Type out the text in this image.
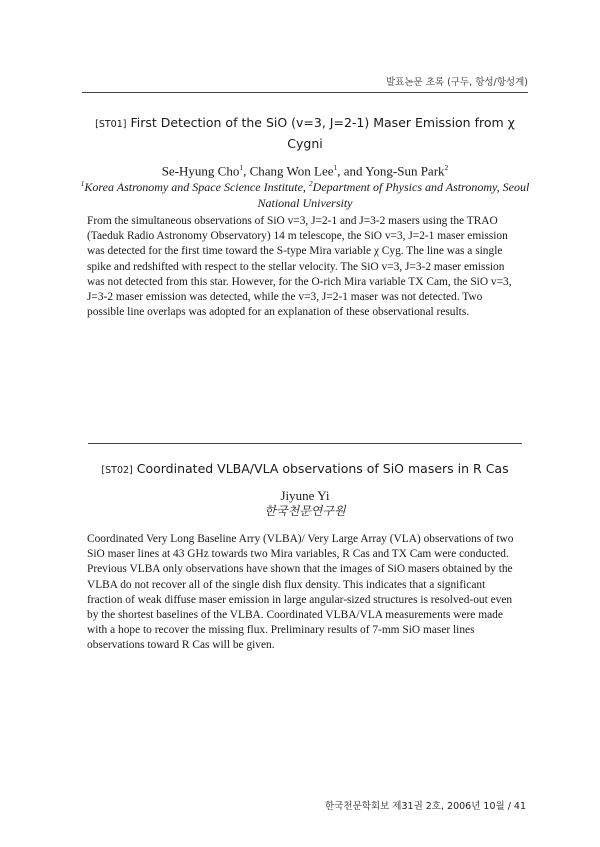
발표논문 초록 (구두, 항성/항성계)
[ST01] First Detection of the SiO (v=3, J=2-1) Maser Emission from χ Cygni
Se-Hyung Cho$^1$, Chang Won Lee$^1$, and Yong-Sun Park$^2$
$^1$Korea Astronomy and Space Science Institute, $^2$Department of Physics and Astronomy, Seoul National University
From the simultaneous observations of SiO v=3, J=2-1 and J=3-2 masers using the TRAO (Taeduk Radio Astronomy Observatory) 14 m telescope, the SiO v=3, J=2-1 maser emission was detected for the first time toward the S-type Mira variable χ Cyg. The line was a single spike and redshifted with respect to the stellar velocity. The SiO v=3, J=3-2 maser emission was not detected from this star. However, for the O-rich Mira variable TX Cam, the SiO v=3, J=3-2 maser emission was detected, while the v=3, J=2-1 maser was not detected. Two possible line overlaps was adopted for an explanation of these observational results.
[ST02] Coordinated VLBA/VLA observations of SiO masers in R Cas
Jiyune Yi
한국천문연구원
Coordinated Very Long Baseline Arry (VLBA)/ Very Large Array (VLA) observations of two SiO maser lines at 43 GHz towards two Mira variables, R Cas and TX Cam were conducted. Previous VLBA only observations have shown that the images of SiO masers obtained by the VLBA do not recover all of the single dish flux density. This indicates that a significant fraction of weak diffuse maser emission in large angular-sized structures is resolved-out even by the shortest baselines of the VLBA. Coordinated VLBA/VLA measurements were made with a hope to recover the missing flux. Preliminary results of 7-mm SiO maser lines observations toward R Cas will be given.
한국천문학회보 제31권 2호, 2006년 10월 / 41
